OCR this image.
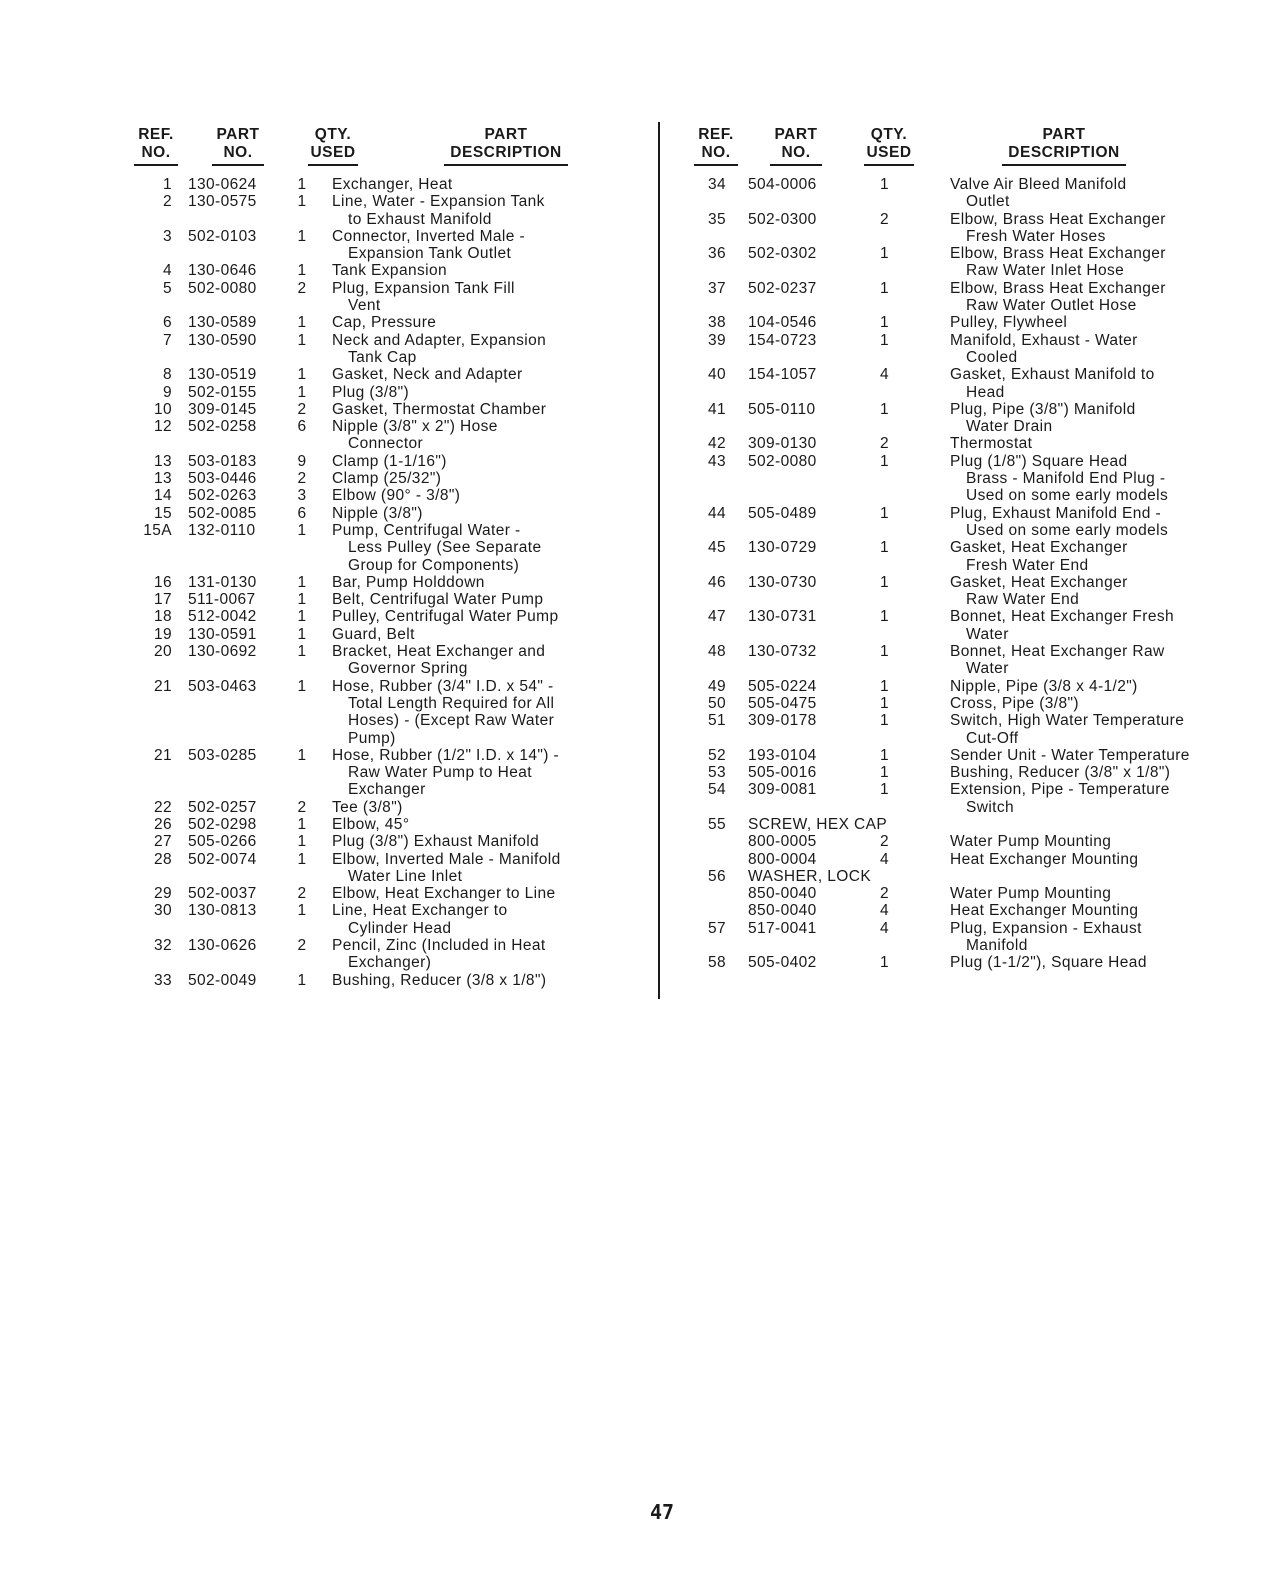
REF.
NO.
PART
NO.
QTY.
USED
PART
DESCRIPTION
1	130-0624	1	Exchanger, Heat
2	130-0575	1	Line, Water - Expansion Tank
to Exhaust Manifold
3	502-0103	1	Connector, Inverted Male -
Expansion Tank Outlet
4	130-0646	1	Tank Expansion
5	502-0080	2	Plug, Expansion Tank Fill
Vent
6	130-0589	1	Cap, Pressure
7	130-0590	1	Neck and Adapter, Expansion
Tank Cap
8	130-0519	1	Gasket, Neck and Adapter
9	502-0155	1	Plug (3/8")
10	309-0145	2	Gasket, Thermostat Chamber
12	502-0258	6	Nipple (3/8" x 2") Hose
Connector
13	503-0183	9	Clamp (1-1/16")
13	503-0446	2	Clamp (25/32")
14	502-0263	3	Elbow (90° - 3/8")
15	502-0085	6	Nipple (3/8")
15A	132-0110	1	Pump, Centrifugal Water -
Less Pulley (See Separate
Group for Components)
16	131-0130	1	Bar, Pump Holddown
17	511-0067	1	Belt, Centrifugal Water Pump
18	512-0042	1	Pulley, Centrifugal Water Pump
19	130-0591	1	Guard, Belt
20	130-0692	1	Bracket, Heat Exchanger and
Governor Spring
21	503-0463	1	Hose, Rubber (3/4" I.D. x 54" -
Total Length Required for All
Hoses) - (Except Raw Water
Pump)
21	503-0285	1	Hose, Rubber (1/2" I.D. x 14") -
Raw Water Pump to Heat
Exchanger
22	502-0257	2	Tee (3/8")
26	502-0298	1	Elbow, 45°
27	505-0266	1	Plug (3/8") Exhaust Manifold
28	502-0074	1	Elbow, Inverted Male - Manifold
Water Line Inlet
29	502-0037	2	Elbow, Heat Exchanger to Line
30	130-0813	1	Line, Heat Exchanger to
Cylinder Head
32	130-0626	2	Pencil, Zinc (Included in Heat
Exchanger)
33	502-0049	1	Bushing, Reducer (3/8 x 1/8")
REF.
NO.
PART
NO.
QTY.
USED
PART
DESCRIPTION
34	504-0006	1	Valve Air Bleed Manifold
Outlet
35	502-0300	2	Elbow, Brass Heat Exchanger
Fresh Water Hoses
36	502-0302	1	Elbow, Brass Heat Exchanger
Raw Water Inlet Hose
37	502-0237	1	Elbow, Brass Heat Exchanger
Raw Water Outlet Hose
38	104-0546	1	Pulley, Flywheel
39	154-0723	1	Manifold, Exhaust - Water
Cooled
40	154-1057	4	Gasket, Exhaust Manifold to
Head
41	505-0110	1	Plug, Pipe (3/8") Manifold
Water Drain
42	309-0130	2	Thermostat
43	502-0080	1	Plug (1/8") Square Head
Brass - Manifold End Plug -
Used on some early models
44	505-0489	1	Plug, Exhaust Manifold End -
Used on some early models
45	130-0729	1	Gasket, Heat Exchanger
Fresh Water End
46	130-0730	1	Gasket, Heat Exchanger
Raw Water End
47	130-0731	1	Bonnet, Heat Exchanger Fresh
Water
48	130-0732	1	Bonnet, Heat Exchanger Raw
Water
49	505-0224	1	Nipple, Pipe (3/8 x 4-1/2")
50	505-0475	1	Cross, Pipe (3/8")
51	309-0178	1	Switch, High Water Temperature
Cut-Off
52	193-0104	1	Sender Unit - Water Temperature
53	505-0016	1	Bushing, Reducer (3/8" x 1/8")
54	309-0081	1	Extension, Pipe - Temperature
Switch
55	SCREW, HEX CAP
800-0005	2	Water Pump Mounting
800-0004	4	Heat Exchanger Mounting
56	WASHER, LOCK
850-0040	2	Water Pump Mounting
850-0040	4	Heat Exchanger Mounting
57	517-0041	4	Plug, Expansion - Exhaust
Manifold
58	505-0402	1	Plug (1-1/2"), Square Head
47
